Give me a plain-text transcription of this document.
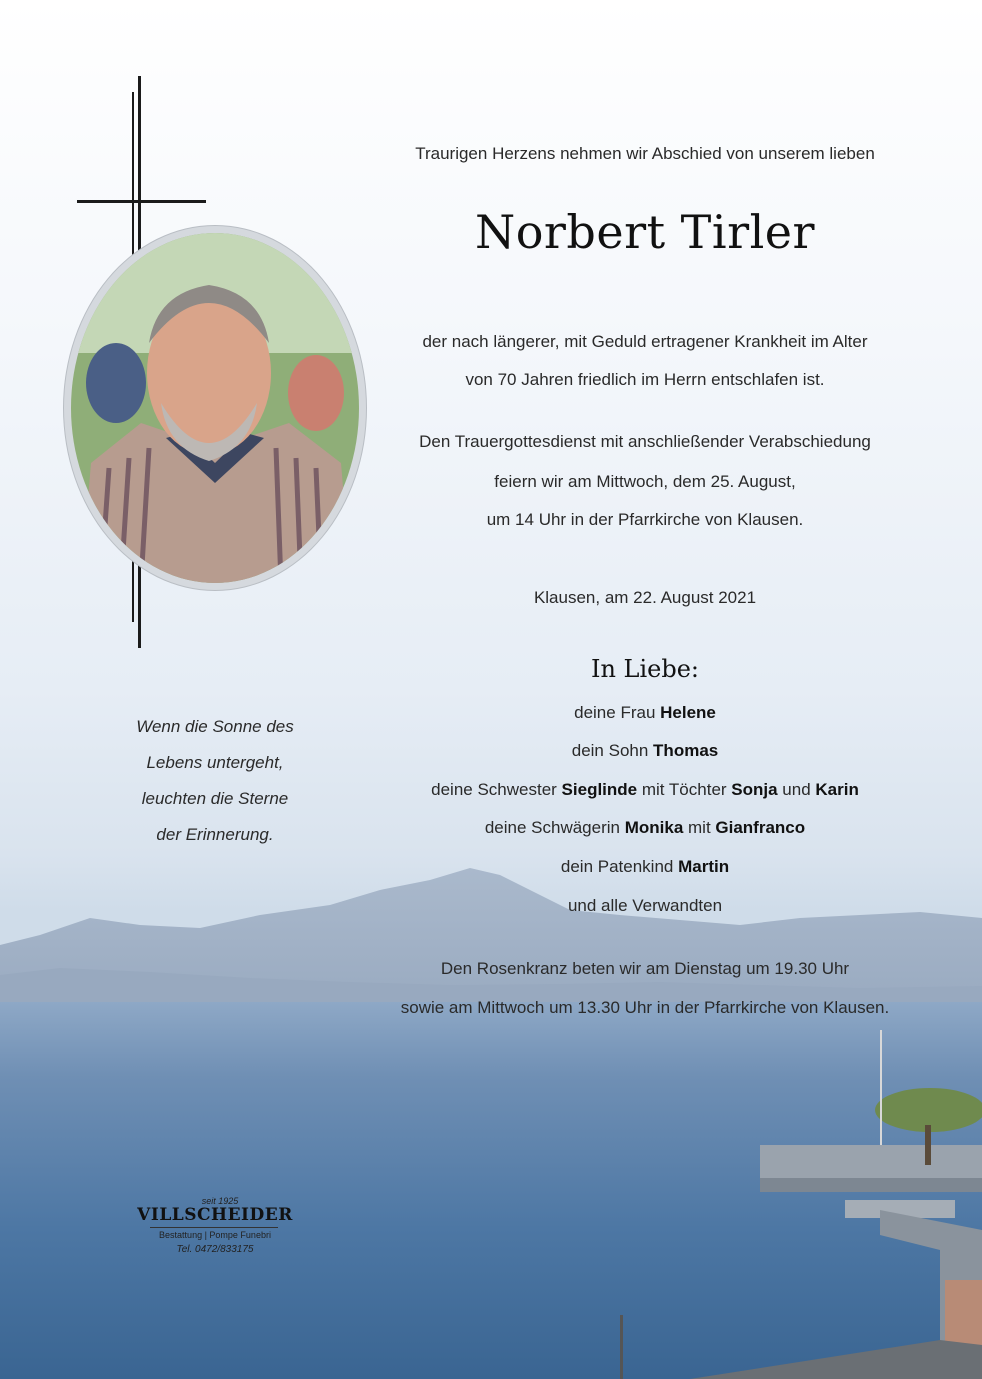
Traurigen Herzens nehmen wir Abschied von unserem lieben
Norbert Tirler
der nach längerer, mit Geduld ertragener Krankheit im Alter
von 70 Jahren friedlich im Herrn entschlafen ist.
Den Trauergottesdienst mit anschließender Verabschiedung
feiern wir am Mittwoch, dem 25. August,
um 14 Uhr in der Pfarrkirche von Klausen.
Klausen, am 22. August 2021
In Liebe:
deine Frau Helene
dein Sohn Thomas
deine Schwester Sieglinde mit Töchter Sonja und Karin
deine Schwägerin Monika mit Gianfranco
dein Patenkind Martin
und alle Verwandten
Den Rosenkranz beten wir am Dienstag um 19.30 Uhr
sowie am Mittwoch um 13.30 Uhr in der Pfarrkirche von Klausen.
Wenn die Sonne des
Lebens untergeht,
leuchten die Sterne
der Erinnerung.
seit 1925
VILLSCHEIDER
Bestattung | Pompe Funebri
Tel. 0472/833175
